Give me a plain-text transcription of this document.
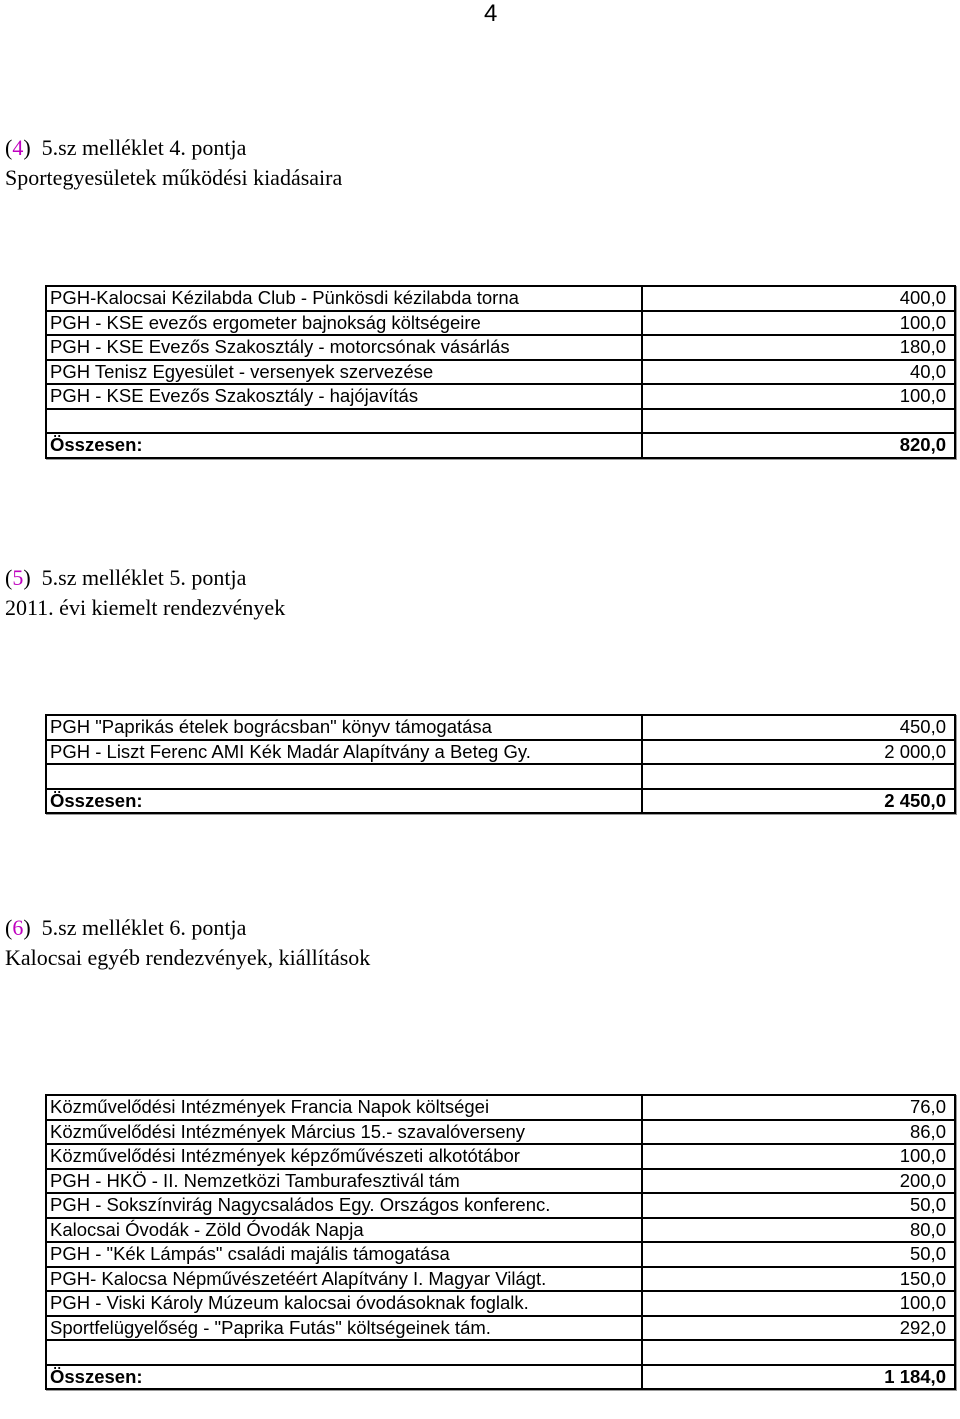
4
(4)  5.sz melléklet 4. pontja
Sportegyesületek működési kiadásaira
PGH-Kalocsai Kézilabda Club - Pünkösdi kézilabda torna	400,0
PGH - KSE evezős ergometer bajnokság költségeire	100,0
PGH - KSE Evezős Szakosztály - motorcsónak vásárlás	180,0
PGH Tenisz Egyesület - versenyek szervezése	40,0
PGH - KSE Evezős Szakosztály - hajójavítás	100,0

Összesen:	820,0
(5)  5.sz melléklet 5. pontja
2011. évi kiemelt rendezvények
PGH "Paprikás ételek bográcsban" könyv támogatása	450,0
PGH - Liszt Ferenc AMI Kék Madár Alapítvány a Beteg Gy.	2 000,0

Összesen:	2 450,0
(6)  5.sz melléklet 6. pontja
Kalocsai egyéb rendezvények, kiállítások
Közművelődési Intézmények Francia Napok költségei	76,0
Közművelődési Intézmények Március 15.- szavalóverseny	86,0
Közművelődési Intézmények képzőművészeti alkotótábor	100,0
PGH - HKÖ - II. Nemzetközi Tamburafesztivál tám	200,0
PGH - Sokszínvirág Nagycsaládos Egy. Országos konferenc.	50,0
Kalocsai Óvodák - Zöld Óvodák Napja	80,0
PGH - "Kék Lámpás" családi majális támogatása	50,0
PGH- Kalocsa Népművészetéért Alapítvány I. Magyar Világt.	150,0
PGH - Viski Károly Múzeum kalocsai óvodásoknak foglalk.	100,0
Sportfelügyelőség - "Paprika Futás" költségeinek tám.	292,0

Összesen:	1 184,0
